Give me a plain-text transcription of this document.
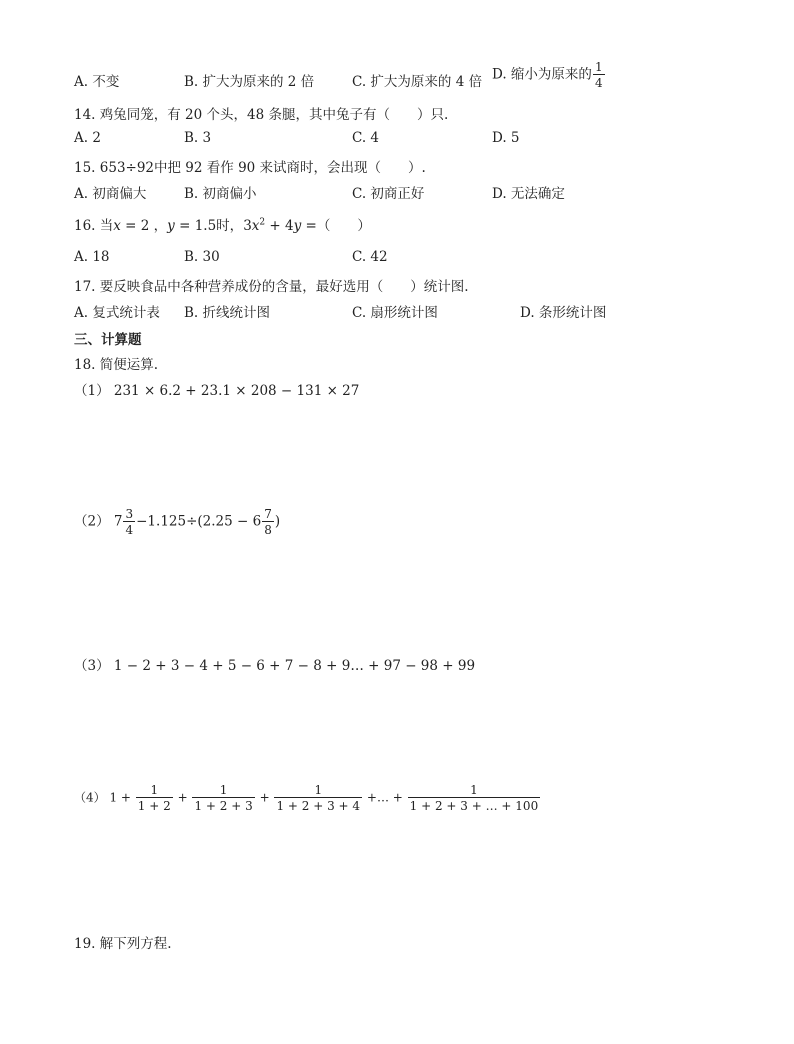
A. 不变	B. 扩大为原来的 2 倍	C. 扩大为原来的 4 倍 D. 缩小为原来的 $\frac{1}{4}$
14. 鸡兔同笼，有 20 个头，48 条腿，其中兔子有（　　）只.
A. 2	B. 3	C. 4	D. 5
15. 653÷92中把 92 看作 90 来试商时，会出现（　　）.
A. 初商偏大	B. 初商偏小	C. 初商正好	D. 无法确定
16. 当x = 2 ，y = 1.5时，$3x^2 + 4y$ =（　　）
A. 18	B. 30	C. 42
17. 要反映食品中各种营养成份的含量，最好选用（　　）统计图.
A. 复式统计表 B. 折线统计图	C. 扇形统计图	D. 条形统计图
三、计算题
18. 简便运算.
（1） 231 × 6.2 + 23.1 × 208 − 131 × 27
（2） $7 \frac{3}{4} -1.125\div(2.25 - 6 \frac{7}{8}$ )
（3） 1 − 2 + 3 − 4 + 5 − 6 + 7 − 8 + 9… + 97 − 98 + 99
（4） $1 + \frac{1}{1 + 2} + \frac{1}{1 + 2 + 3} + \frac{1}{1 + 2 + 3 + 4}$ +… + $\frac{1}{1 + 2 + 3 + \dots + 100}$
19. 解下列方程.
